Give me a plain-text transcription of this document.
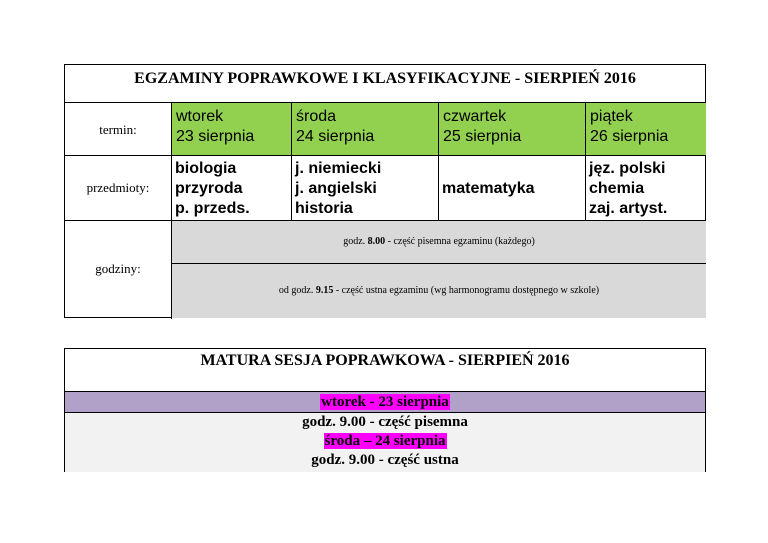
EGZAMINY POPRAWKOWE I KLASYFIKACYJNE - SIERPIEŃ 2016
wtorek
23 sierpnia
środa
24 sierpnia
czwartek
25 sierpnia
piątek
26 sierpnia
biologia
przyroda
p. przeds.
j. niemiecki
j. angielski
historia
matematyka
jęz. polski
chemia
zaj. artyst.
godz. 8.00 - część pisemna egzaminu (każdego)
od godz. 9.15 - część ustna egzaminu (wg harmonogramu dostępnego w szkole)
termin:
przedmioty:
godziny:
MATURA SESJA POPRAWKOWA - SIERPIEŃ 2016
wtorek - 23 sierpnia
godz. 9.00 - część pisemna
środa – 24 sierpnia
godz. 9.00 - część ustna
